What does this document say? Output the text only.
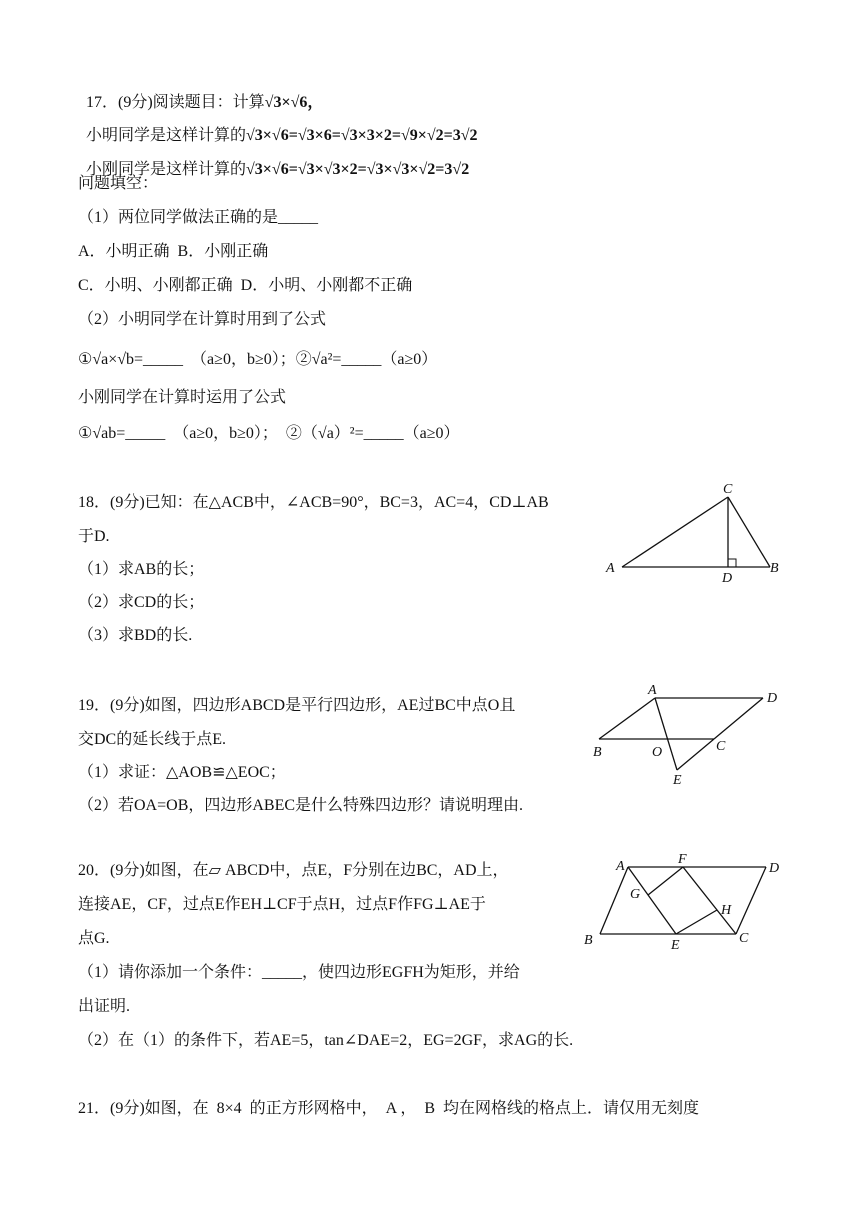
17．(9分)阅读题目：计算√3×√6，

小明同学是这样计算的√3×√6=√3×6=√3×3×2=√9×√2=3√2

小刚同学是这样计算的√3×√6=√3×√3×2=√3×√3×√2=3√2

问题填空：
（1）两位同学做法正确的是_____
A．小明正确  B．小刚正确
C．小明、小刚都正确  D．小明、小刚都不正确
（2）小明同学在计算时用到了公式
①√a×√b=_____  （a≥0，b≥0）；②√a²=_____（a≥0）
小刚同学在计算时运用了公式
①√ab=_____  （a≥0，b≥0）；  ②（√a）²=_____（a≥0）
18．(9分)已知：在△ACB中，∠ACB=90°，BC=3，AC=4，CD⊥AB
于D.
（1）求AB的长；
（2）求CD的长；
（3）求BD的长.
A	B
C
D
19．(9分)如图，四边形ABCD是平行四边形，AE过BC中点O且
交DC的延长线于点E.
（1）求证：△AOB≌△EOC；
（2）若OA=OB，四边形ABEC是什么特殊四边形？请说明理由.
A
D
B	O	C
E
20．(9分)如图，在▱ ABCD中，点E，F分别在边BC，AD上，
连接AE，CF，过点E作EH⊥CF于点H，过点F作FG⊥AE于
点G.
（1）请你添加一个条件：_____，使四边形EGFH为矩形，并给
出证明.
（2）在（1）的条件下，若AE=5，tan∠DAE=2，EG=2GF，求AG的长.
A	F
D
G
H
B	E	C
21．(9分)如图，在  8×4  的正方形网格中，  A ，  B  均在网格线的格点上．请仅用无刻度
